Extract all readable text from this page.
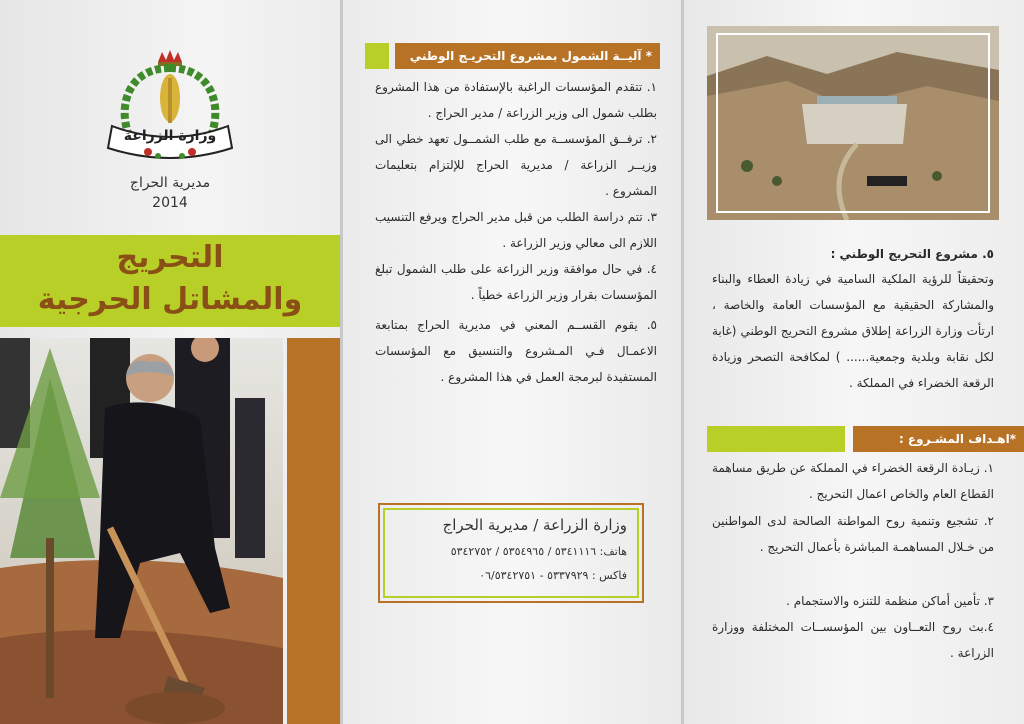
وزارة الزراعة
مديرية الحراج
2014
التحريج
والمشاتل الحرجية
* آليــة الشمول بمشروع التحريـج الوطني
١. تتقدم المؤسسات الراغبة بالإستفادة من هذا المشروع بطلب شمول الى وزير الزراعة / مدير الحراج .
٢. ترفــق المؤسســة مع طلب الشمــول تعهد خطي الى وزيــر الزراعة / مديرية الحراج للإلتزام بتعليمات المشروع .
٣. تتم دراسة الطلب من قبل مدير الحراج ويرفع التنسيب اللازم الى معالي وزير الزراعة .
٤. في حال موافقة وزير الزراعة على طلب الشمول تبلغ المؤسسات بقرار وزير الزراعة خطياً .
٥. يقوم القســم المعني في مديرية الحراج بمتابعة الاعمـال فـي المـشروع والتنسيق مع المؤسسات المستفيدة لبرمجة العمل في هذا المشروع .
وزارة الزراعة / مديرية الحراج
هاتف: ٥٣٤١١١٦ / ٥٣٥٤٩٦٥ / ٥٣٤٢٧٥٢
فاكس : ٥٣٣٧٩٢٩ - ٠٦/٥٣٤٢٧٥١
٥. مشروع التحريج الوطني :
وتحقيقاً للرؤية الملكية السامية في زيادة العطاء والبناء والمشاركة الحقيقية مع المؤسسات العامة والخاصة ، ارتأت وزارة الزراعة إطلاق مشروع التحريج الوطني (غابة لكل نقابة وبلدية وجمعية...... ) لمكافحة التصحر وزيادة الرقعة الخضراء في المملكة .
*اهـداف المشـروع :
١. زيـادة الرقعة الخضراء في المملكة عن طريق مساهمة القطاع العام والخاص اعمال التحريج .
٢. تشجيع وتنمية روح المواطنة الصالحة لدى المواطنين من خـلال المساهمـة المباشرة بأعمال التحريج .
٣. تأمين أماكن منظمة للتنزه والاستجمام .
٤.بث روح التعــاون بين المؤسســات المختلفة ووزارة الزراعة .
